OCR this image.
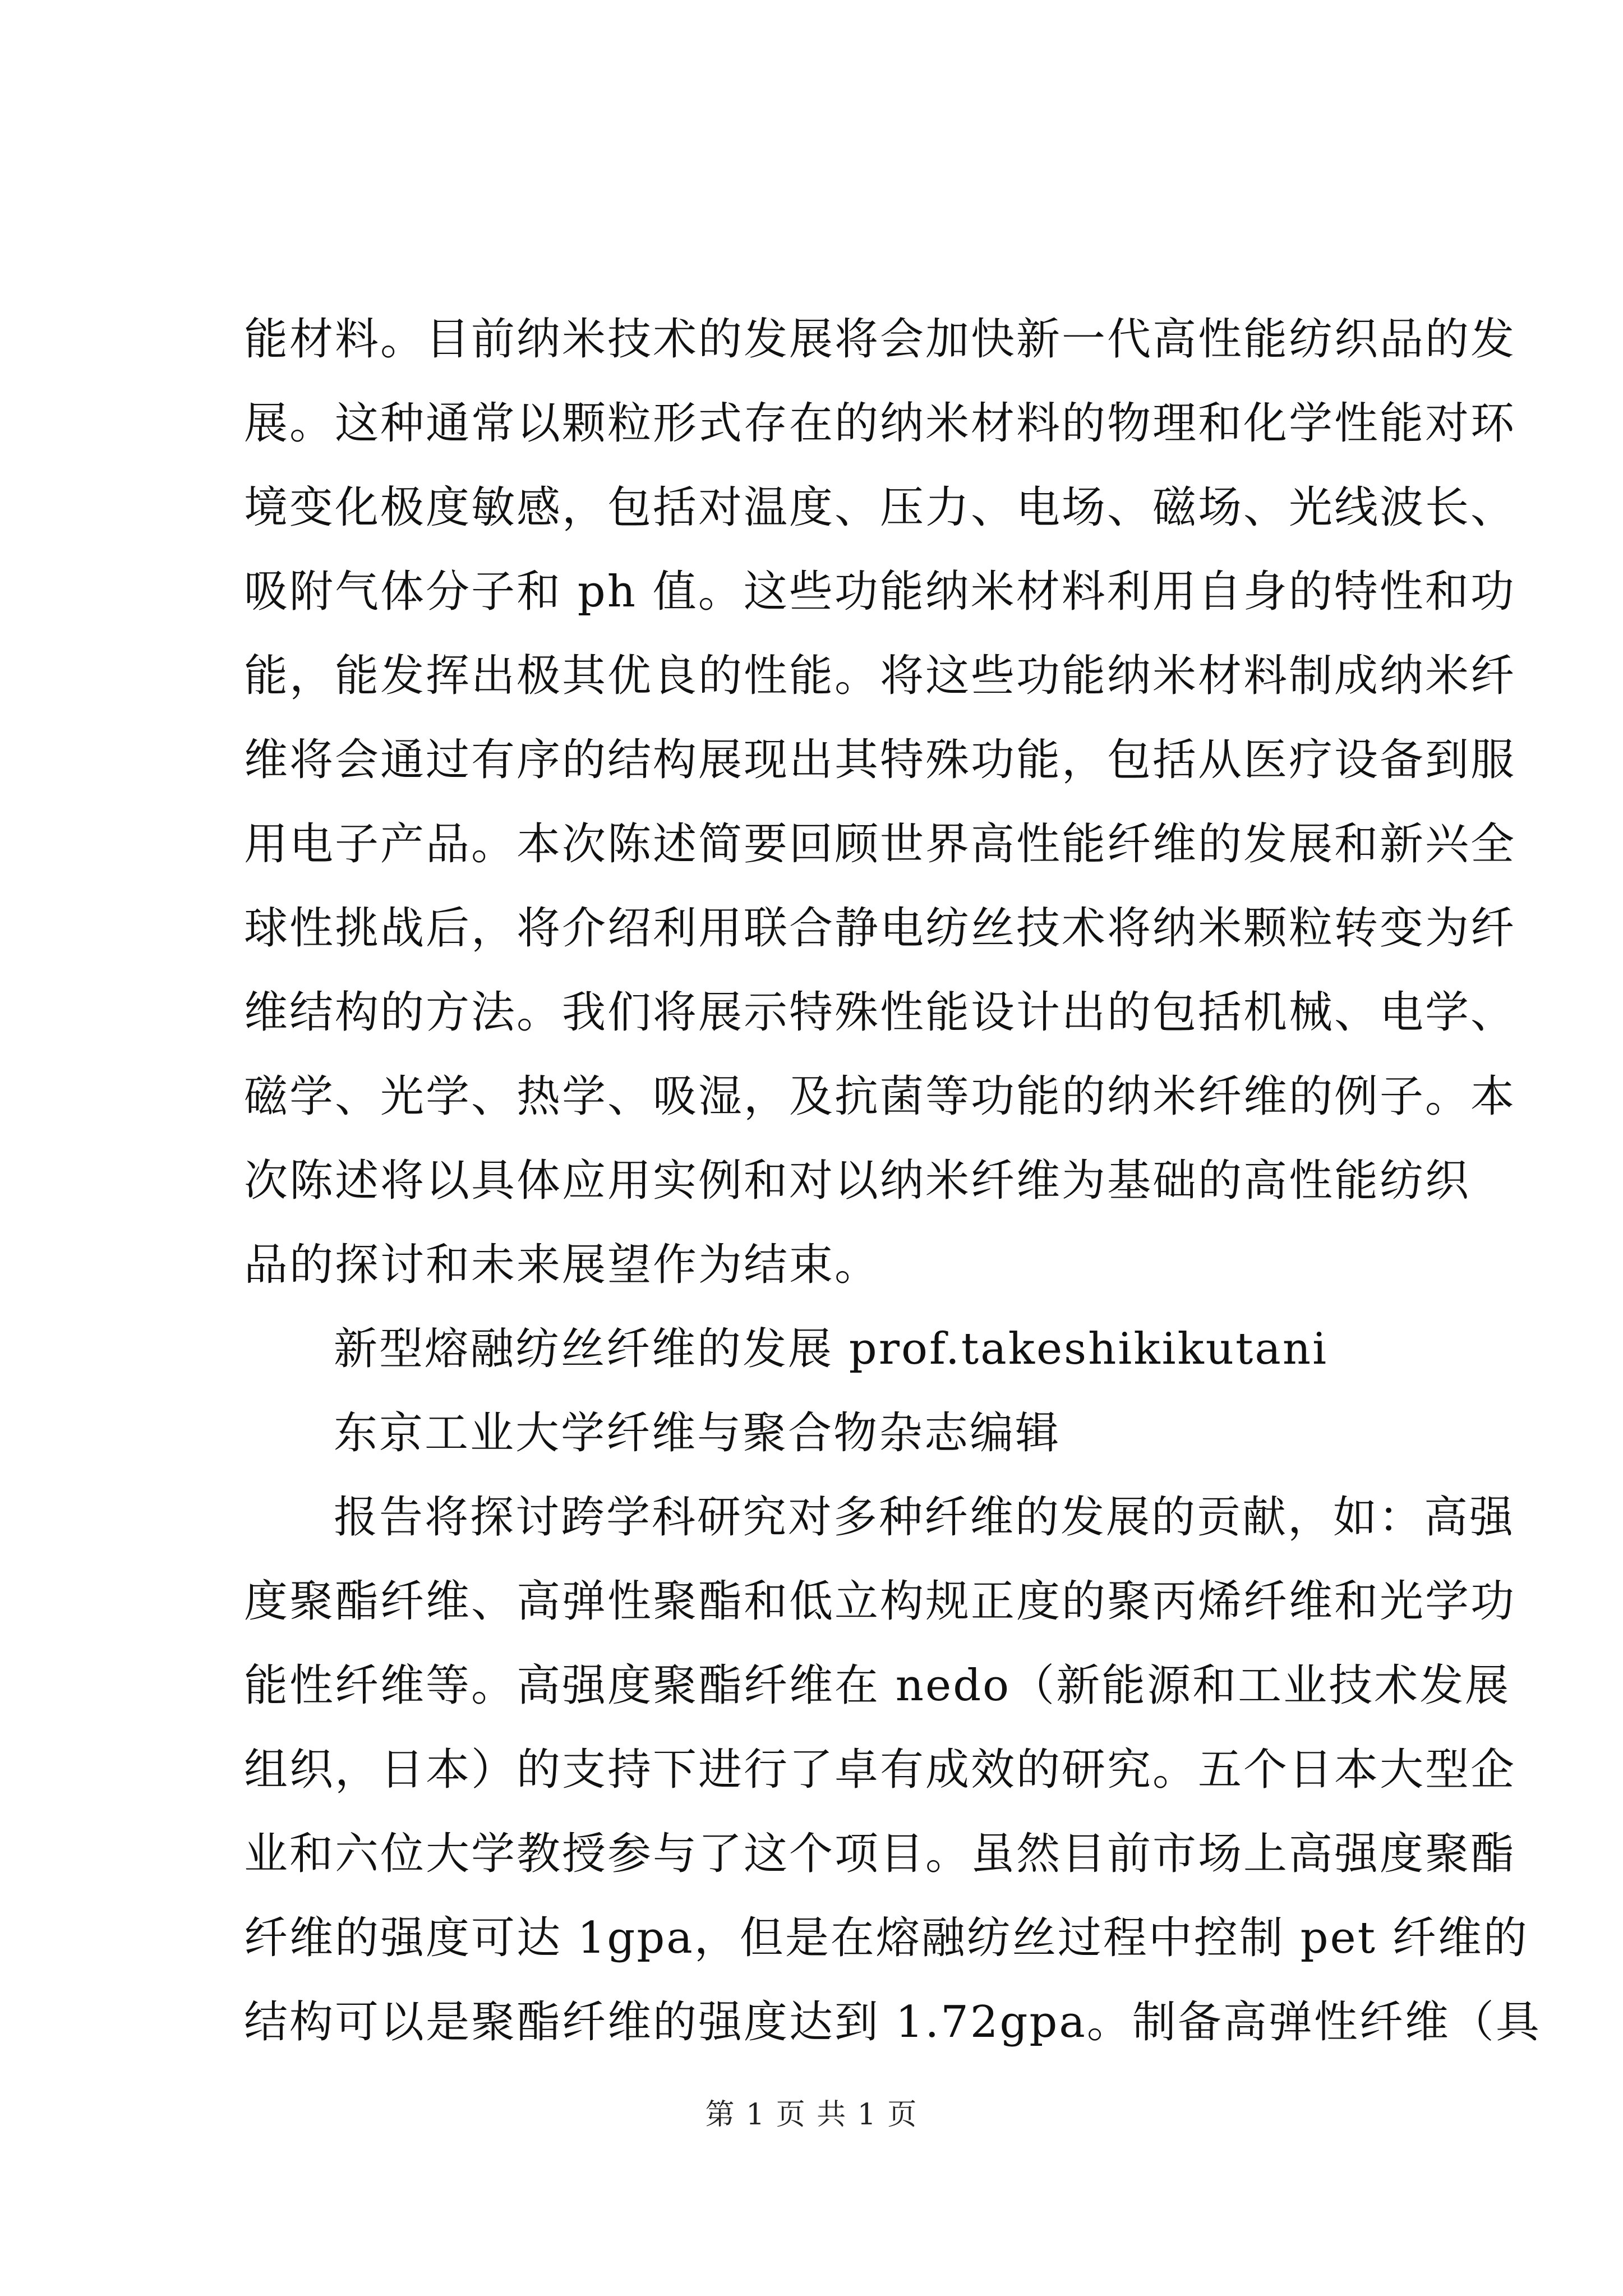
能材料。目前纳米技术的发展将会加快新一代高性能纺织品的发
展。这种通常以颗粒形式存在的纳米材料的物理和化学性能对环
境变化极度敏感，包括对温度、压力、电场、磁场、光线波长、
吸附气体分子和 ph 值。这些功能纳米材料利用自身的特性和功
能，能发挥出极其优良的性能。将这些功能纳米材料制成纳米纤
维将会通过有序的结构展现出其特殊功能，包括从医疗设备到服
用电子产品。本次陈述简要回顾世界高性能纤维的发展和新兴全
球性挑战后，将介绍利用联合静电纺丝技术将纳米颗粒转变为纤
维结构的方法。我们将展示特殊性能设计出的包括机械、电学、
磁学、光学、热学、吸湿，及抗菌等功能的纳米纤维的例子。本
次陈述将以具体应用实例和对以纳米纤维为基础的高性能纺织
品的探讨和未来展望作为结束。
新型熔融纺丝纤维的发展 prof.takeshikikutani
东京工业大学纤维与聚合物杂志编辑
报告将探讨跨学科研究对多种纤维的发展的贡献，如：高强
度聚酯纤维、高弹性聚酯和低立构规正度的聚丙烯纤维和光学功
能性纤维等。高强度聚酯纤维在 nedo（新能源和工业技术发展
组织，日本）的支持下进行了卓有成效的研究。五个日本大型企
业和六位大学教授参与了这个项目。虽然目前市场上高强度聚酯
纤维的强度可达 1gpa，但是在熔融纺丝过程中控制 pet 纤维的
结构可以是聚酯纤维的强度达到 1.72gpa。制备高弹性纤维（具
第 1 页 共 1 页
